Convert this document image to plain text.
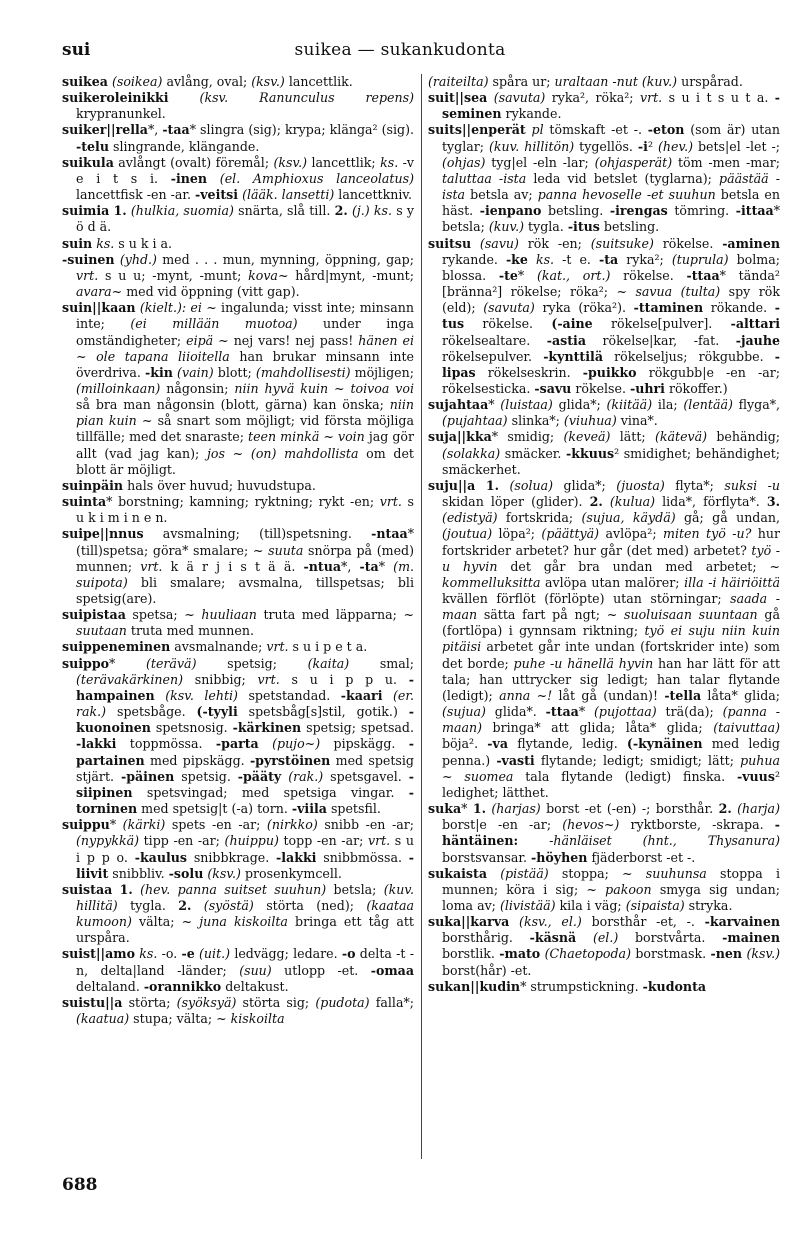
sui	suikea — sukankudonta

suikea (soikea) avlång, oval; (ksv.) lancettlik.

suikeroleinikki (ksv. Ranunculus repens) krypranunkel.

suiker||rella*, -taa* slingra (sig); krypa; klänga² (sig). -telu slingrande, klängande.

suikula avlångt (ovalt) föremål; (ksv.) lancettlik; ks. -v e i t s i. -inen (el. Amphioxus lanceolatus) lancettfisk -en -ar. -veitsi (lääk. lansetti) lancettkniv.

suimia 1. (hulkia, suomia) snärta, slå till. 2. (j.) ks. s y ö d ä.

suin ks. s u k i a.

-suinen (yhd.) med . . . mun, mynning, öppning, gap; vrt. s u u; -mynt, -munt; kova~ hård|mynt, -munt; avara~ med vid öppning (vitt gap).

suin||kaan (kielt.): ei ~ ingalunda; visst inte; minsann inte; (ei millään muotoa) under inga omständigheter; eipä ~ nej vars! nej pass! hänen ei ~ ole tapana liioitella han brukar minsann inte överdriva. -kin (vain) blott; (mahdollisesti) möjligen; (milloinkaan) någonsin; niin hyvä kuin ~ toivoa voi så bra man någonsin (blott, gärna) kan önska; niin pian kuin ~ så snart som möjligt; vid första möjliga tillfälle; med det snaraste; teen minkä ~ voin jag gör allt (vad jag kan); jos ~ (on) mahdollista om det blott är möjligt.

suinpäin hals över huvud; huvudstupa.

suinta* borstning; kamning; ryktning; rykt -en; vrt. s u k i m i n e n.

suipe||nnus avsmalning; (till)spetsning. -ntaa* (till)spetsa; göra* smalare; ~ suuta snörpa på (med) munnen; vrt. k ä r j i s t ä ä. -ntua*, -ta* (m. suipota) bli smalare; avsmalna, tillspetsas; bli spetsig(are).

suipistaa spetsa; ~ huuliaan truta med läpparna; ~ suutaan truta med munnen.

suippeneminen avsmalnande; vrt. s u i p e t a.

suippo* (terävä) spetsig; (kaita) smal; (terävakärkinen) snibbig; vrt. s u i p p u. -hampainen (ksv. lehti) spetstandad. -kaari (er. rak.) spetsbåge. (-tyyli spetsbåg[s]stil, gotik.) -kuonoinen spetsnosig. -kärkinen spetsig; spetsad. -lakki toppmössa. -parta (pujo~) pipskägg. -partainen med pipskägg. -pyrstöinen med spetsig stjärt. -päinen spetsig. -pääty (rak.) spetsgavel. -siipinen spetsvingad; med spetsiga vingar. -torninen med spetsig|t (-a) torn. -viila spetsfil.

suippu* (kärki) spets -en -ar; (nirkko) snibb -en -ar; (nypykkä) tipp -en -ar; (huippu) topp -en -ar; vrt. s u i p p o. -kaulus snibbkrage. -lakki snibbmössa. -liivit snibbliv. -solu (ksv.) prosenkymcell.

suistaa 1. (hev. panna suitset suuhun) betsla; (kuv. hillitä) tygla. 2. (syöstä) störta (ned); (kaataa kumoon) välta; ~ juna kiskoilta bringa ett tåg att urspåra.

suist||amo ks. -o. -e (uit.) ledvägg; ledare. -o delta -t -n, delta|land -länder; (suu) utlopp -et. -omaa deltaland. -orannikko deltakust.

suistu||a störta; (syöksyä) störta sig; (pudota) falla*; (kaatua) stupa; välta; ~ kiskoilta

(raiteilta) spåra ur; uraltaan -nut (kuv.) urspårad.

suit||sea (savuta) ryka², röka²; vrt. s u i t s u t a. -seminen rykande.

suits||enperät pl tömskaft -et -. -eton (som är) utan tyglar; (kuv. hillitön) tygellös. -i² (hev.) bets|el -let -; (ohjas) tyg|el -eln -lar; (ohjasperät) töm -men -mar; taluttaa -ista leda vid betslet (tyglarna); päästää -ista betsla av; panna hevoselle -et suuhun betsla en häst. -ienpano betsling. -irengas tömring. -ittaa* betsla; (kuv.) tygla. -itus betsling.

suitsu (savu) rök -en; (suitsuke) rökelse. -aminen rykande. -ke ks. -t e. -ta ryka²; (tuprula) bolma; blossa. -te* (kat., ort.) rökelse. -ttaa* tända² [bränna²] rökelse; röka²; ~ savua (tulta) spy rök (eld); (savuta) ryka (röka²). -ttaminen rökande. -tus rökelse. (-aine rökelse[pulver]. -alttari rökelsealtare. -astia rökelse|kar, -fat. -jauhe rökelsepulver. -kynttilä rökelseljus; rökgubbe. -lipas rökelseskrin. -puikko rökgubb|e -en -ar; rökelsesticka. -savu rökelse. -uhri rökoffer.)

sujahtaa* (luistaa) glida*; (kiitää) ila; (lentää) flyga*, (pujahtaa) slinka*; (viuhua) vina*.

suja||kka* smidig; (keveä) lätt; (kätevä) behändig; (solakka) smäcker. -kkuus² smidighet; behändighet; smäckerhet.

suju||a 1. (solua) glida*; (juosta) flyta*; suksi -u skidan löper (glider). 2. (kulua) lida*, förflyta*. 3. (edistyä) fortskrida; (sujua, käydä) gå; gå undan, (joutua) löpa²; (päättyä) avlöpa²; miten työ -u? hur fortskrider arbetet? hur går (det med) arbetet? työ -u hyvin det går bra undan med arbetet; ~ kommelluksitta avlöpa utan malörer; illa -i häiriöittä kvällen förflöt (förlöpte) utan störningar; saada -maan sätta fart på ngt; ~ suoluisaan suuntaan gå (fortlöpa) i gynnsam riktning; työ ei suju niin kuin pitäisi arbetet går inte undan (fortskrider inte) som det borde; puhe -u hänellä hyvin han har lätt för att tala; han uttrycker sig ledigt; han talar flytande (ledigt); anna ~! låt gå (undan)! -tella låta* glida; (sujua) glida*. -ttaa* (pujottaa) trä(da); (panna -maan) bringa* att glida; låta* glida; (taivuttaa) böja². -va flytande, ledig. (-kynäinen med ledig penna.) -vasti flytande; ledigt; smidigt; lätt; puhua ~ suomea tala flytande (ledigt) finska. -vuus² ledighet; lätthet.

suka* 1. (harjas) borst -et (-en) -; borsthår. 2. (harja) borst|e -en -ar; (hevos~) ryktborste, -skrapa. -häntäinen: -hänläiset (hnt., Thysanura) borstsvansar. -höyhen fjäderborst -et -.

sukaista (pistää) stoppa; ~ suuhunsa stoppa i munnen; köra i sig; ~ pakoon smyga sig undan; loma av; (livistää) kila i väg; (sipaista) stryka.

suka||karva (ksv., el.) borsthår -et, -. -karvainen borsthårig. -käsnä (el.) borstvårta. -mainen borstlik. -mato (Chaetopoda) borstmask. -nen (ksv.) borst(hår) -et.

sukan||kudin* strumpstickning. -kudonta

688
